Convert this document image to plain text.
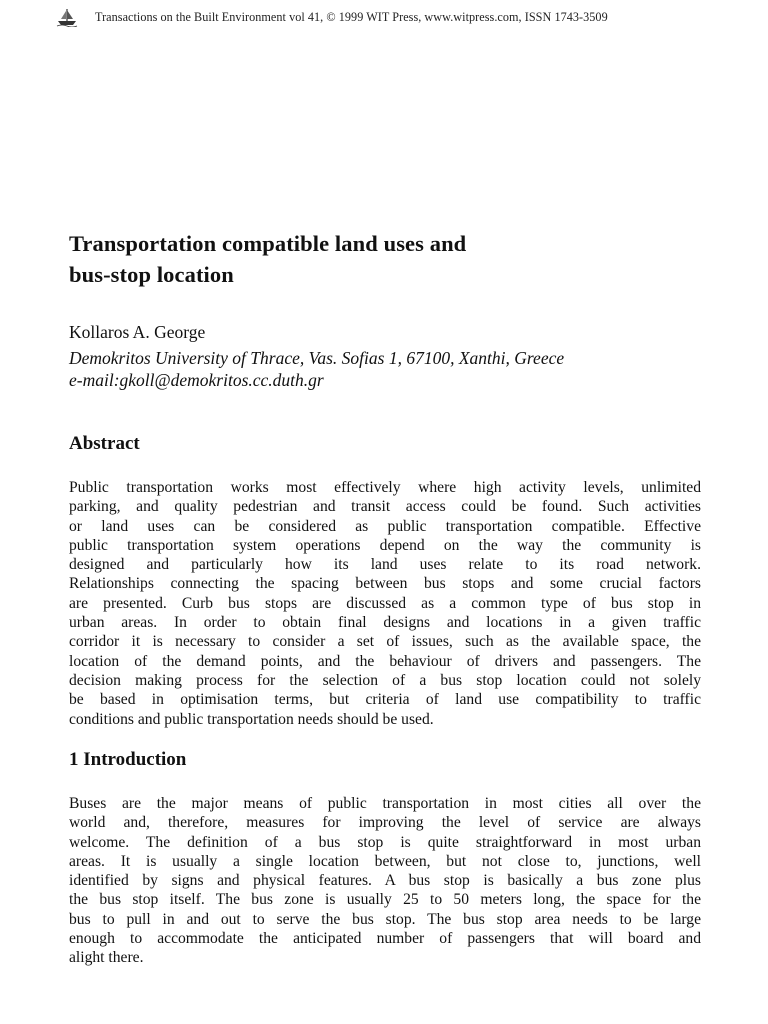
Transactions on the Built Environment vol 41, © 1999 WIT Press, www.witpress.com, ISSN 1743-3509
Transportation compatible land uses and
bus-stop location
Kollaros A. George
Demokritos University of Thrace, Vas. Sofias 1, 67100, Xanthi, Greece
e-mail:gkoll@demokritos.cc.duth.gr
Abstract
Public transportation works most effectively where high activity levels, unlimited
parking, and quality pedestrian and transit access could be found. Such activities
or land uses can be considered as public transportation compatible. Effective
public transportation system operations depend on the way the community is
designed and particularly how its land uses relate to its road network.
Relationships connecting the spacing between bus stops and some crucial factors
are presented. Curb bus stops are discussed as a common type of bus stop in
urban areas. In order to obtain final designs and locations in a given traffic
corridor it is necessary to consider a set of issues, such as the available space, the
location of the demand points, and the behaviour of drivers and passengers. The
decision making process for the selection of a bus stop location could not solely
be based in optimisation terms, but criteria of land use compatibility to traffic
conditions and public transportation needs should be used.
1 Introduction
Buses are the major means of public transportation in most cities all over the
world and, therefore, measures for improving the level of service are always
welcome. The definition of a bus stop is quite straightforward in most urban
areas. It is usually a single location between, but not close to, junctions, well
identified by signs and physical features. A bus stop is basically a bus zone plus
the bus stop itself. The bus zone is usually 25 to 50 meters long, the space for the
bus to pull in and out to serve the bus stop. The bus stop area needs to be large
enough to accommodate the anticipated number of passengers that will board and
alight there.
